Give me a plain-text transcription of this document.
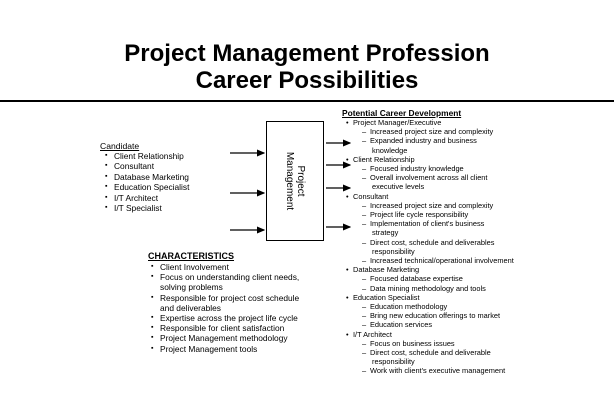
Project Management Profession
Career Possibilities
Candidate
▪ Client Relationship
▪ Consultant
▪ Database Marketing
▪ Education Specialist
▪ I/T Architect
▪ I/T Specialist
Project
Management
CHARACTERISTICS
▪ Client Involvement
▪ Focus on understanding client needs,
solving problems
▪ Responsible for project cost schedule
and deliverables
▪ Expertise across the project life cycle
▪ Responsible for client satisfaction
▪ Project Management methodology
▪ Project Management tools
Potential Career Development
• Project Manager/Executive
– Increased project size and complexity
– Expanded industry and business
knowledge
• Client Relationship
– Focused industry knowledge
– Overall involvement across all client
executive levels
• Consultant
– Increased project size and complexity
– Project life cycle responsibility
– Implementation of client's business
strategy
– Direct cost, schedule and deliverables
responsibility
– Increased technical/operational involvement
• Database Marketing
– Focused database expertise
– Data mining methodology and tools
• Education Specialist
– Education methodology
– Bring new education offerings to market
– Education services
• I/T Architect
– Focus on business issues
– Direct cost, schedule and deliverable
responsibility
– Work with client's executive management
